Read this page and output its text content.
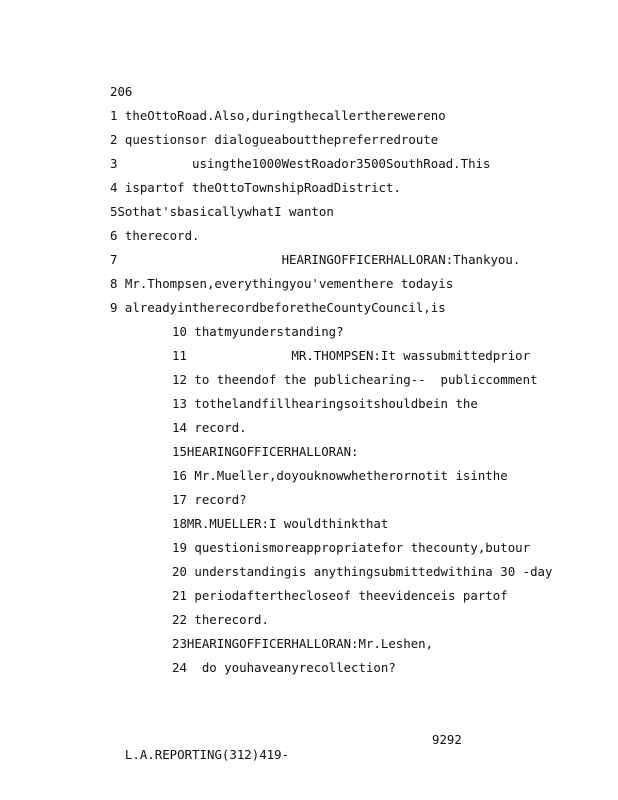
206
1 theOttoRoad.Also,duringthecallertherewereno
2 questionsor dialogueaboutthepreferredroute
3          usingthe1000WestRoador3500SouthRoad.This
4 ispartof theOttoTownshipRoadDistrict.
5Sothat'sbasicallywhatI wanton
6 therecord.
7                      HEARINGOFFICERHALLORAN:Thankyou.
8 Mr.Thompsen,everythingyou'vementhere todayis
9 alreadyintherecordbeforetheCountyCouncil,is
10 thatmyunderstanding?
11              MR.THOMPSEN:It wassubmittedprior
12 to theendof the publichearing--  publiccomment
13 tothelandfillhearingsoitshouldbein the
14 record.
15HEARINGOFFICERHALLORAN:
16 Mr.Mueller,doyouknowwhetherornotit isinthe
17 record?
18MR.MUELLER:I wouldthinkthat
19 questionismoreappropriatefor thecounty,butour
20 understandingis anythingsubmittedwithina 30 -day
21 periodafterthecloseof theevidenceis partof
22 therecord.
23HEARINGOFFICERHALLORAN:Mr.Leshen,
24  do youhaveanyrecollection?

L.A.REPORTING(312)419-

9292
